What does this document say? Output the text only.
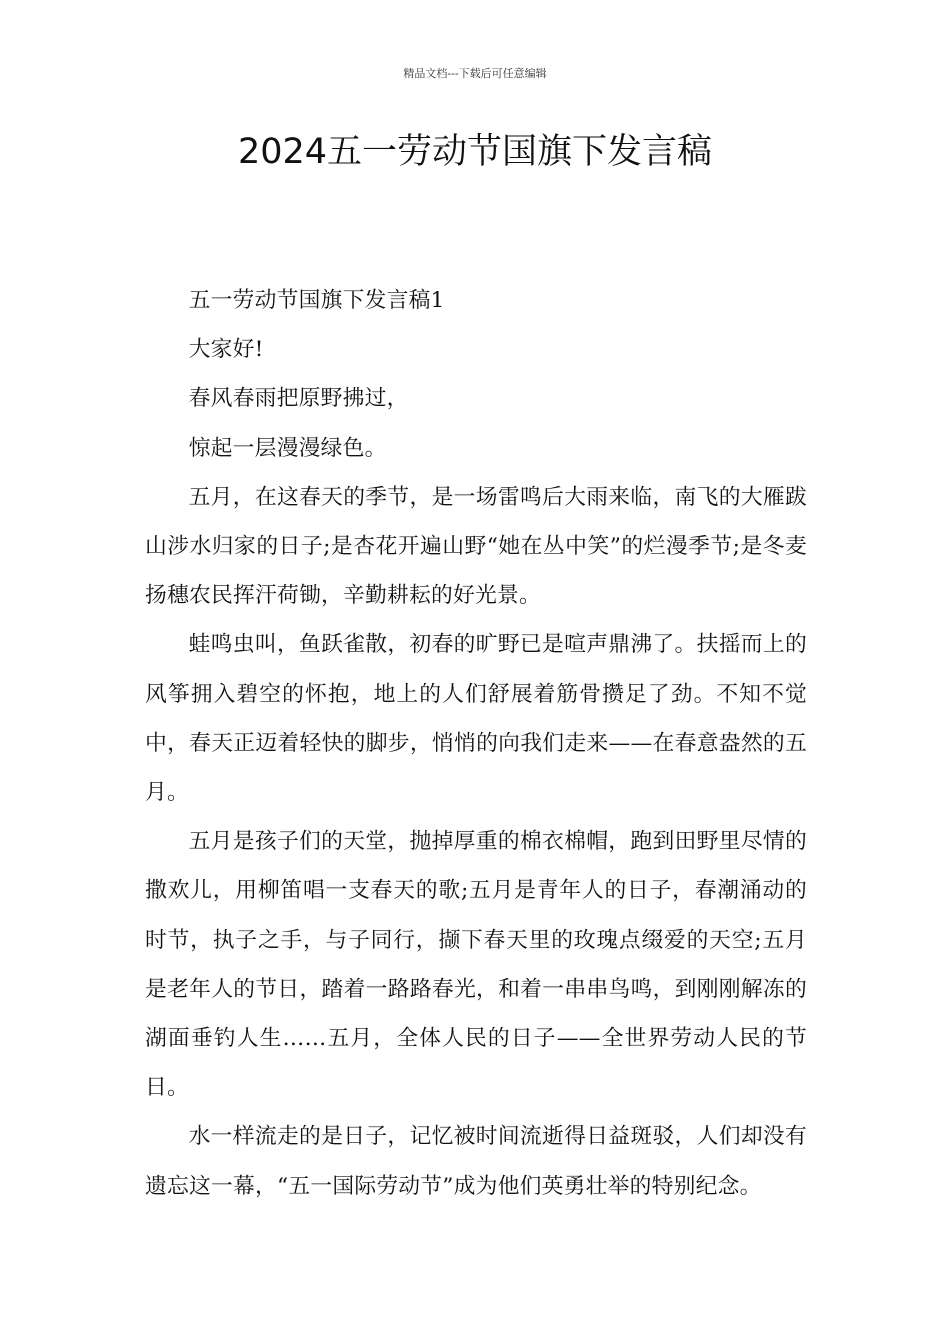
精品文档---下载后可任意编辑
2024五一劳动节国旗下发言稿

五一劳动节国旗下发言稿1

大家好!

春风春雨把原野拂过，

惊起一层漫漫绿色。

五月，在这春天的季节，是一场雷鸣后大雨来临，南飞的大雁跋山涉水归家的日子;是杏花开遍山野“她在丛中笑”的烂漫季节;是冬麦扬穗农民挥汗荷锄，辛勤耕耘的好光景。

蛙鸣虫叫，鱼跃雀散，初春的旷野已是喧声鼎沸了。扶摇而上的风筝拥入碧空的怀抱，地上的人们舒展着筋骨攒足了劲。不知不觉中，春天正迈着轻快的脚步，悄悄的向我们走来——在春意盎然的五月。

五月是孩子们的天堂，抛掉厚重的棉衣棉帽，跑到田野里尽情的撒欢儿，用柳笛唱一支春天的歌;五月是青年人的日子，春潮涌动的时节，执子之手，与子同行，撷下春天里的玫瑰点缀爱的天空;五月是老年人的节日，踏着一路路春光，和着一串串鸟鸣，到刚刚解冻的湖面垂钓人生……五月，全体人民的日子——全世界劳动人民的节日。

水一样流走的是日子，记忆被时间流逝得日益斑驳，人们却没有遗忘这一幕，“五一国际劳动节”成为他们英勇壮举的特别纪念。
